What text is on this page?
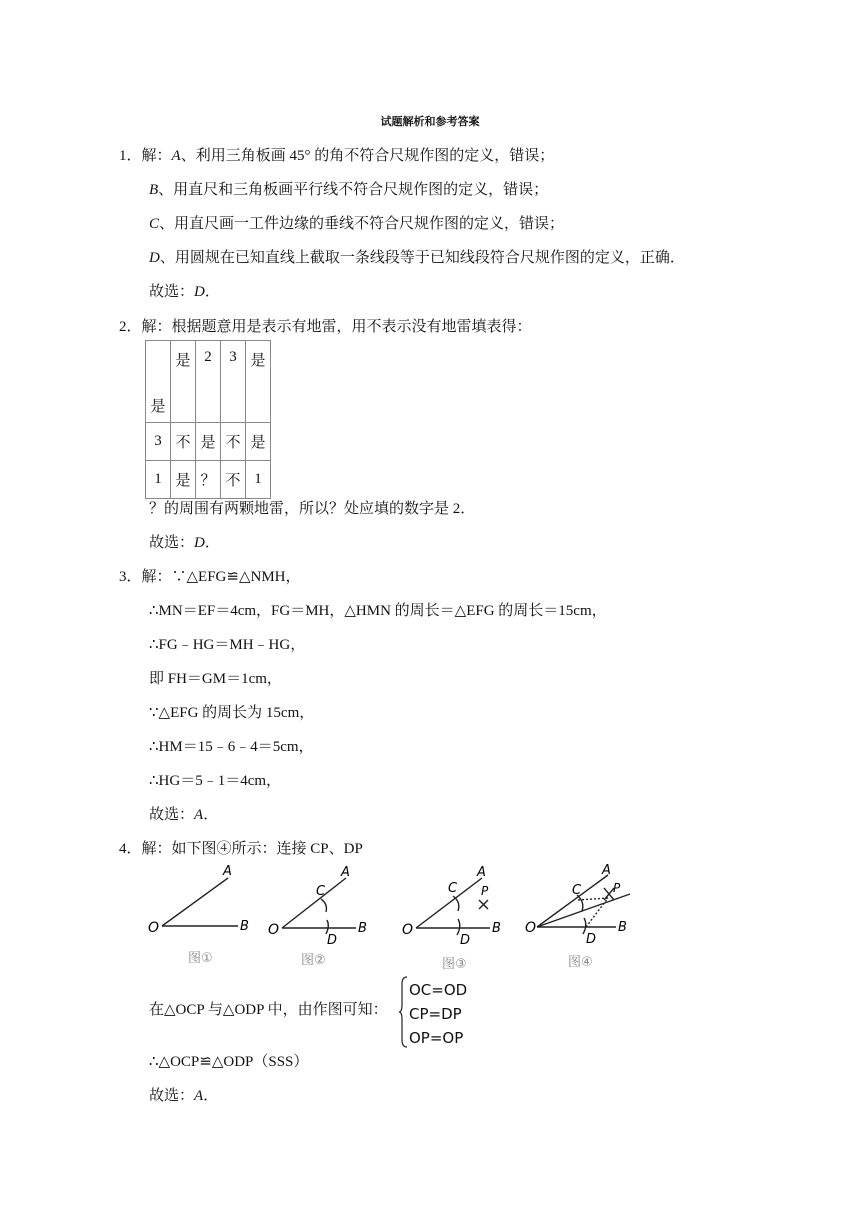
试题解析和参考答案
1．解：A、利用三角板画 45° 的角不符合尺规作图的定义，错误；
B、用直尺和三角板画平行线不符合尺规作图的定义，错误；
C、用直尺画一工件边缘的垂线不符合尺规作图的定义，错误；
D、用圆规在已知直线上截取一条线段等于已知线段符合尺规作图的定义，正确．
故选：D．
2．解：根据题意用是表示有地雷，用不表示没有地雷填表得：
是	是	2	3	是
3	不	是	不	是
1	是	？	不	1
？的周围有两颗地雷，所以？处应填的数字是 2．
故选：D．
3．解：∵△EFG≌△NMH，
∴MN＝EF＝4cm，FG＝MH，△HMN 的周长＝△EFG 的周长＝15cm，
∴FG﹣HG＝MH﹣HG，
即 FH＝GM＝1cm，
∵△EFG 的周长为 15cm，
∴HM＝15﹣6﹣4＝5cm，
∴HG＝5﹣1＝4cm，
故选：A．
4．解：如下图④所示：连接 CP、DP
O
A
B
图①
O
A
C
B
D
图②
O
A
C P
B
D
图③
O
A
C	P
B
D
图④
在△OCP 与△ODP 中，由作图可知：
OC=OD
CP=DP
OP=OP
∴△OCP≌△ODP（SSS）
故选：A．
